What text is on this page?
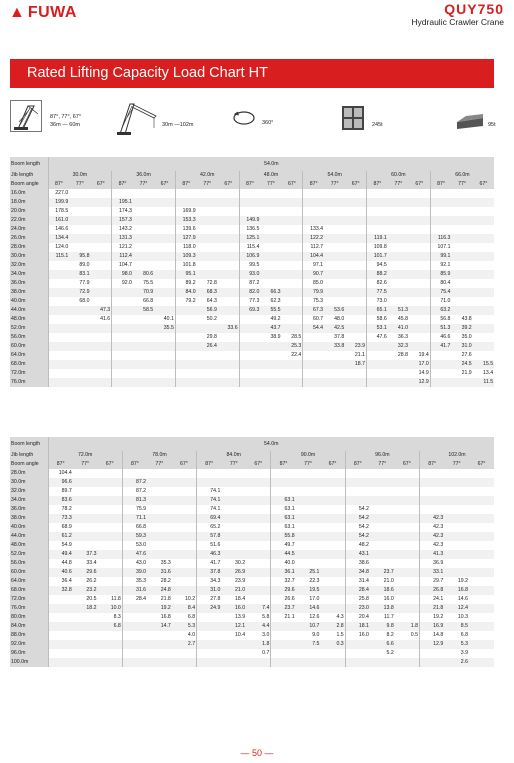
▲ FUWA	QUY750
Hydraulic Crawler Crane
Rated Lifting Capacity Load Chart HT
87°, 77°, 67°
36m — 60m	30m —102m	360°	245t	95t
Boom length	54.0m																				
Jib length	30.0m			36.0m			42.0m			48.0m			54.0m			60.0m			66.0m		
Boom angle	87°	77°	67°	87°	77°	67°	87°	77°	67°	87°	77°	67°	87°	77°	67°	87°	77°	67°	87°	77°	67°
16.0m	227.0																				
18.0m	199.9			195.1																	
20.0m	178.5			174.3			169.9														
22.0m	161.0			157.3			153.3			149.9											
24.0m	146.6			143.2			139.6			136.5			133.4								
26.0m	134.4			131.3			127.9			125.1			122.2			119.1			116.3		
28.0m	124.0			121.2			118.0			115.4			112.7			109.8			107.1		
30.0m	115.1	95.8		112.4			109.3			106.9			104.4			101.7			99.1		
32.0m		89.0		104.7			101.8			99.5			97.1			94.5			92.1		
34.0m		83.1		98.0	80.6		95.1			93.0			90.7			88.2			85.9		
36.0m		77.9		92.0	75.5		89.2	72.8		87.2			85.0			82.6			80.4		
38.0m		72.9			70.9		84.0	68.3		82.0	66.3		79.9			77.5			75.4		
40.0m		68.0			66.8		79.2	64.3		77.3	62.3		75.3			73.0			71.0		
44.0m			47.3		58.5			56.9		69.3	55.5		67.3	53.6		65.1	51.3		63.2		
48.0m			41.6			40.1		50.2			49.2		60.7	48.0		58.6	45.8		56.8	43.8	
52.0m						35.5			33.6		43.7		54.4	42.5		53.1	41.0		51.3	39.2	
56.0m								29.8			38.9	28.5		37.8		47.6	36.3		46.6	35.0	
60.0m								26.4				25.3		33.8	23.9		32.3		41.7	31.0	
64.0m												22.4			21.1		28.8	19.4		27.6	
68.0m															18.7			17.0		24.5	15.5
72.0m																		14.9		21.9	13.4
76.0m																		12.9			11.5
Boom length	54.0m																	
Jib length	72.0m			78.0m			84.0m			90.0m			96.0m			102.0m		
Boom angle	87°	77°	67°	87°	77°	67°	87°	77°	67°	87°	77°	67°	87°	77°	67°	87°	77°	67°
28.0m	104.4																	
30.0m	96.6			87.2														
32.0m	89.7			87.2			74.1											
34.0m	83.6			81.3			74.1			63.1								
36.0m	78.2			75.9			74.1			63.1			54.2					
38.0m	73.3			71.1			69.4			63.1			54.2			42.3		
40.0m	68.9			66.8			65.2			63.1			54.2			42.3		
44.0m	61.2			59.3			57.8			55.8			54.2			42.3		
48.0m	54.9			53.0			51.6			49.7			48.2			42.3		
52.0m	49.4	37.3		47.6			46.3			44.5			43.1			41.3		
56.0m	44.8	33.4		43.0	35.3		41.7	30.2		40.0			38.6			36.9		
60.0m	40.6	29.6		39.0	31.6		37.8	26.9		36.1	25.1		34.8	23.7		33.1		
64.0m	36.4	26.2		35.3	28.2		34.3	23.9		32.7	22.3		31.4	21.0		29.7	19.2	
68.0m	32.8	23.2		31.6	24.8		31.0	21.0		29.6	19.5		28.4	18.6		26.8	16.8	
72.0m		20.5	11.8	28.4	21.8	10.2	27.8	18.4		26.6	17.0		25.8	16.0		24.1	14.6	
76.0m		18.2	10.0		19.2	8.4	24.9	16.0	7.4	23.7	14.6		23.0	13.8		21.8	12.4	
80.0m			8.3		16.8	6.8		13.9	5.8	21.1	12.6	4.3	20.4	11.7		19.2	10.3	
84.0m			6.8		14.7	5.3		12.1	4.4		10.7	2.8	18.1	9.8	1.8	16.9	8.5	
88.0m						4.0		10.4	3.0		9.0	1.5	16.0	8.2	0.5	14.8	6.8	
92.0m						2.7			1.8		7.5	0.3		6.6		12.9	5.3	
96.0m									0.7					5.2			3.9	
100.0m																	2.6	
— 50 —
